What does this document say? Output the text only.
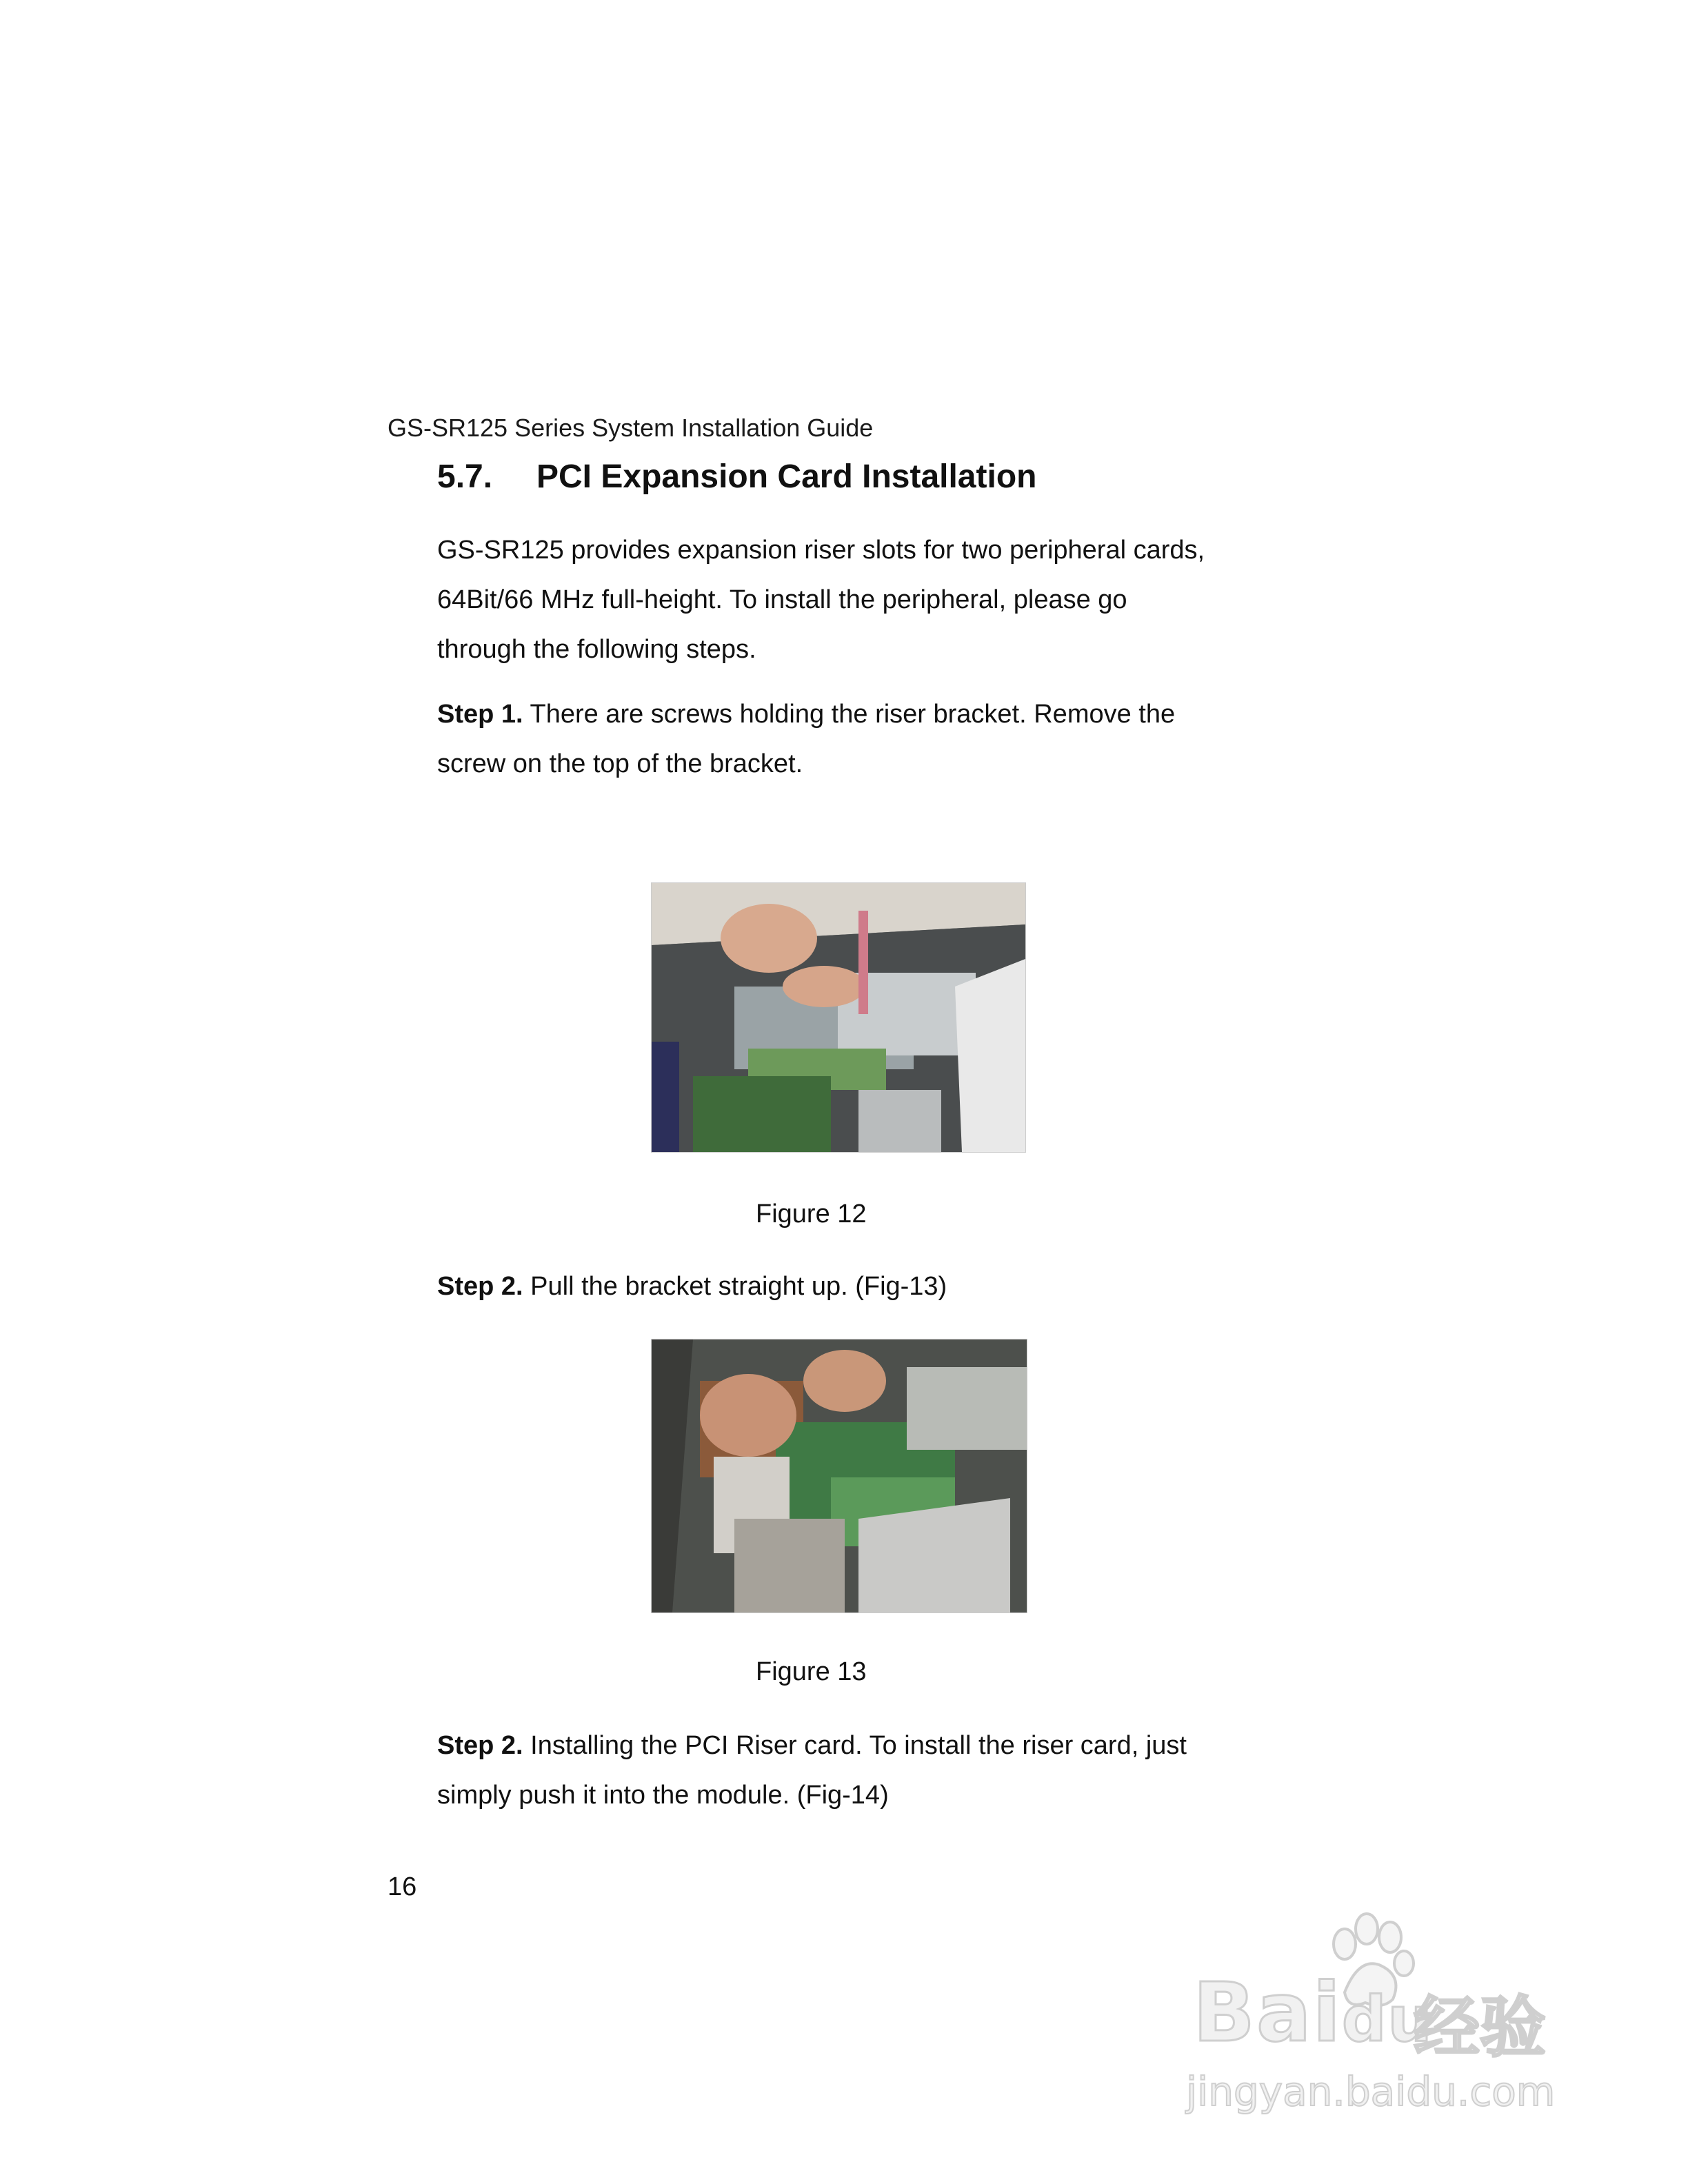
GS-SR125 Series System Installation Guide
5.7. PCI Expansion Card Installation
GS-SR125 provides expansion riser slots for two peripheral cards,
64Bit/66 MHz full-height. To install the peripheral, please go
through the following steps.
Step 1. There are screws holding the riser bracket. Remove the
screw on the top of the bracket.
Figure 12
Step 2. Pull the bracket straight up. (Fig-13)
Figure 13
Step 2. Installing the PCI Riser card. To install the riser card, just
simply push it into the module. (Fig-14)
16
Baidu
经验
jingyan.baidu.com
